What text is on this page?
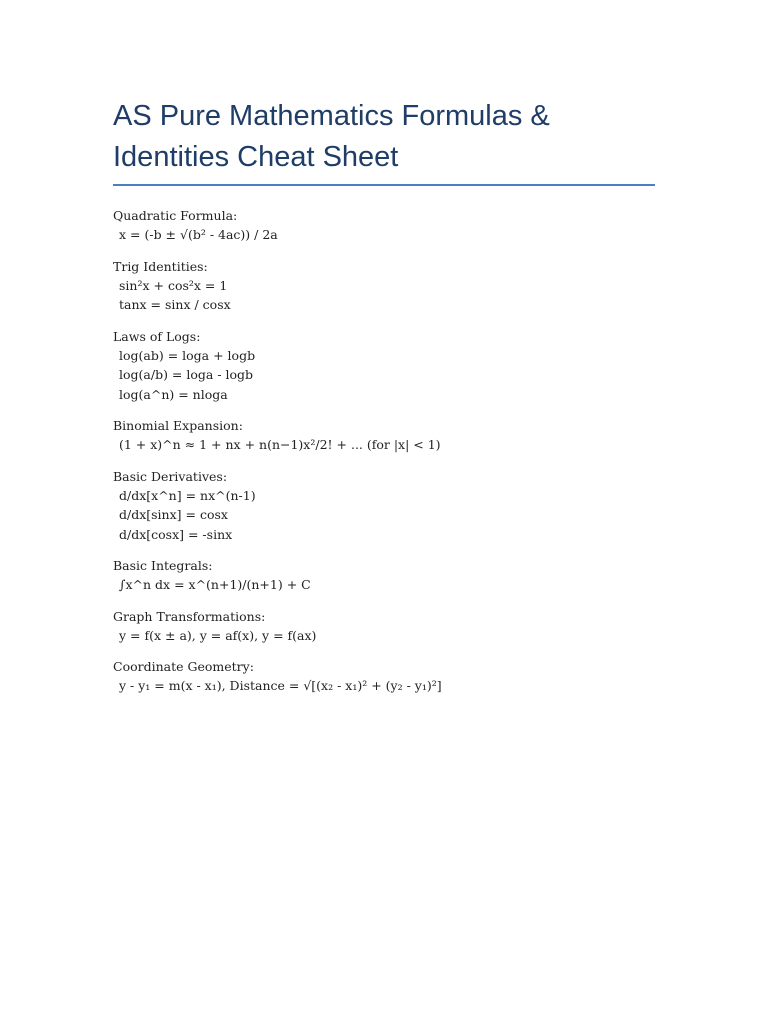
AS Pure Mathematics Formulas & Identities Cheat Sheet

Quadratic Formula:

x = (-b ± √(b² - 4ac)) / 2a

Trig Identities:

sin²x + cos²x = 1

tanx = sinx / cosx

Laws of Logs:

log(ab) = loga + logb

log(a/b) = loga - logb

log(a^n) = nloga

Binomial Expansion:

(1 + x)^n ≈ 1 + nx + n(n−1)x²/2! + ... (for |x| < 1)

Basic Derivatives:

d/dx[x^n] = nx^(n-1)

d/dx[sinx] = cosx

d/dx[cosx] = -sinx

Basic Integrals:

∫x^n dx = x^(n+1)/(n+1) + C

Graph Transformations:

y = f(x ± a), y = af(x), y = f(ax)

Coordinate Geometry:

y - y₁ = m(x - x₁), Distance = √[(x₂ - x₁)² + (y₂ - y₁)²]
